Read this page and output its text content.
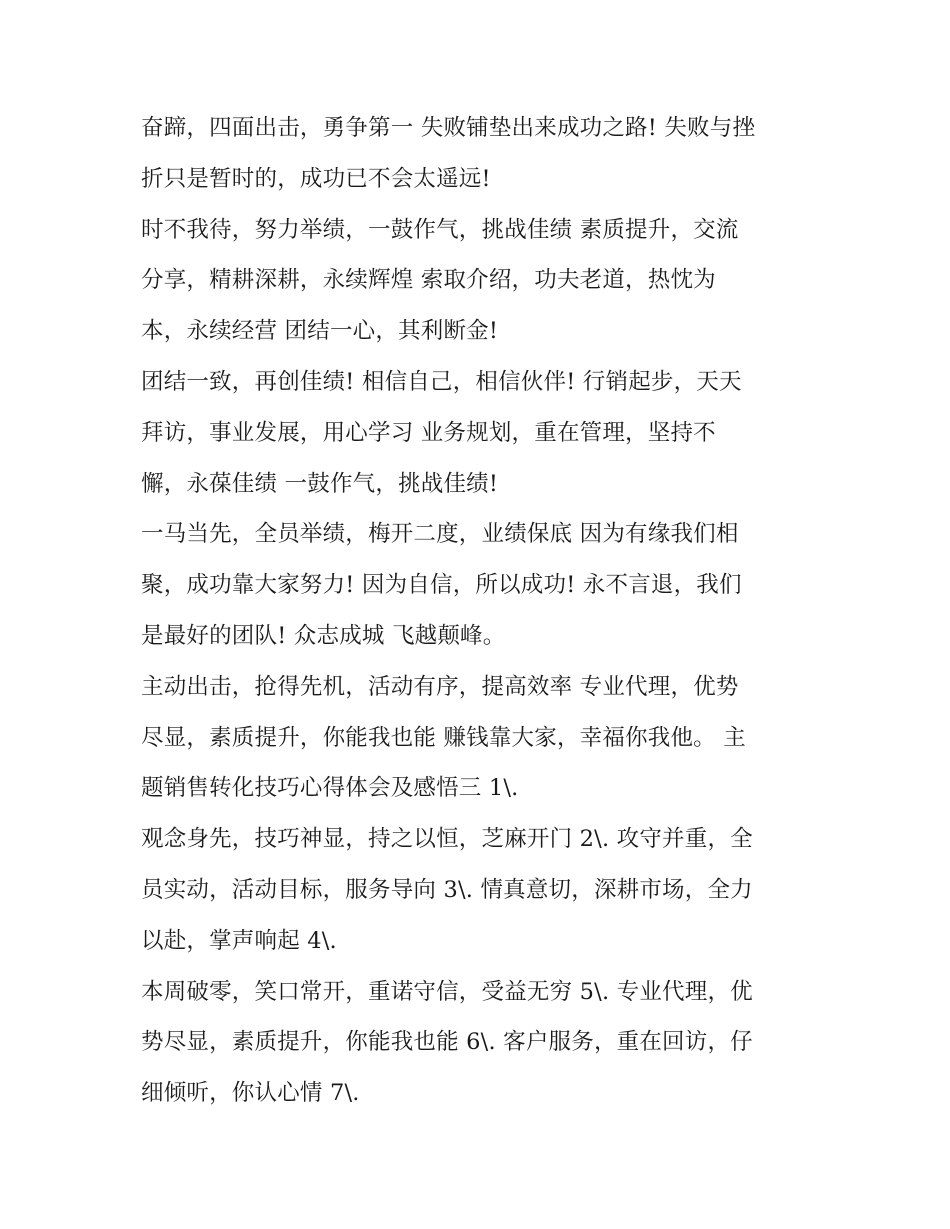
奋蹄，四面出击，勇争第一 失败铺垫出来成功之路! 失败与挫
折只是暂时的，成功已不会太遥远!
时不我待，努力举绩，一鼓作气，挑战佳绩 素质提升，交流
分享，精耕深耕，永续辉煌 索取介绍，功夫老道，热忱为
本，永续经营 团结一心，其利断金!
团结一致，再创佳绩! 相信自己，相信伙伴! 行销起步，天天
拜访，事业发展，用心学习 业务规划，重在管理，坚持不
懈，永葆佳绩 一鼓作气，挑战佳绩!
一马当先，全员举绩，梅开二度，业绩保底 因为有缘我们相
聚，成功靠大家努力! 因为自信，所以成功! 永不言退，我们
是最好的团队! 众志成城 飞越颠峰。
主动出击，抢得先机，活动有序，提高效率 专业代理，优势
尽显，素质提升，你能我也能 赚钱靠大家，幸福你我他。 主
题销售转化技巧心得体会及感悟三 1\.
观念身先，技巧神显，持之以恒，芝麻开门 2\. 攻守并重，全
员实动，活动目标，服务导向 3\. 情真意切，深耕市场，全力
以赴，掌声响起 4\.
本周破零，笑口常开，重诺守信，受益无穷 5\. 专业代理，优
势尽显，素质提升，你能我也能 6\. 客户服务，重在回访，仔
细倾听，你认心情 7\.
